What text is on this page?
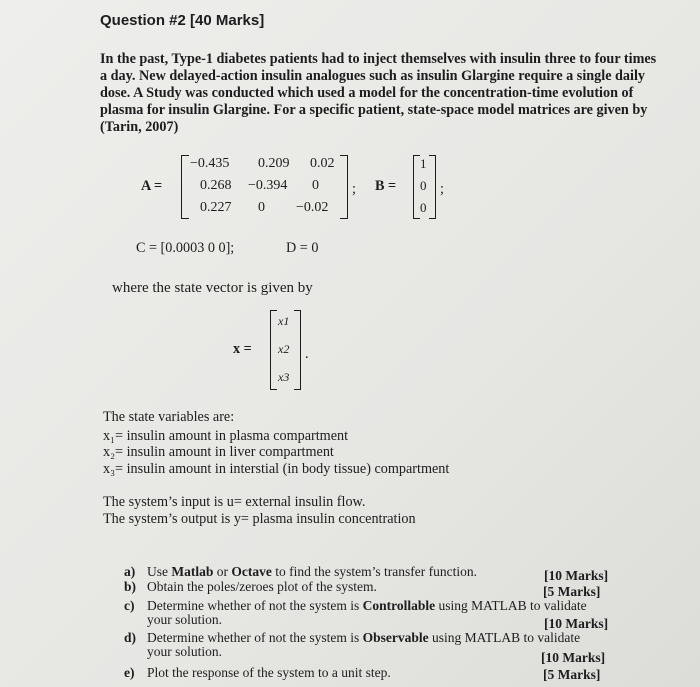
Question #2 [40 Marks]
In the past, Type-1 diabetes patients had to inject themselves with insulin three to four times a day. New delayed-action insulin analogues such as insulin Glargine require a single daily dose. A Study was conducted which used a model for the concentration-time evolution of plasma for insulin Glargine. For a specific patient, state-space model matrices are given by (Tarin, 2007)
A =
−0.435 0.209 0.02
0.268 −0.394 0
0.227 0 −0.02
; B =
1
0
0
;
C = [0.0003 0 0];	D = 0
where the state vector is given by
x =
x1
x2
x3
.
The state variables are:
x₁= insulin amount in plasma compartment
x₂= insulin amount in liver compartment
x₃= insulin amount in interstial (in body tissue) compartment
The system’s input is u= external insulin flow.
The system’s output is y= plasma insulin concentration
a) Use Matlab or Octave to find the system’s transfer function.	[10 Marks]
b) Obtain the poles/zeroes plot of the system.	[5 Marks]
c) Determine whether of not the system is Controllable using MATLAB to validate
your solution.	[10 Marks]
d) Determine whether of not the system is Observable using MATLAB to validate
your solution.	[10 Marks]
e) Plot the response of the system to a unit step.	[5 Marks]
